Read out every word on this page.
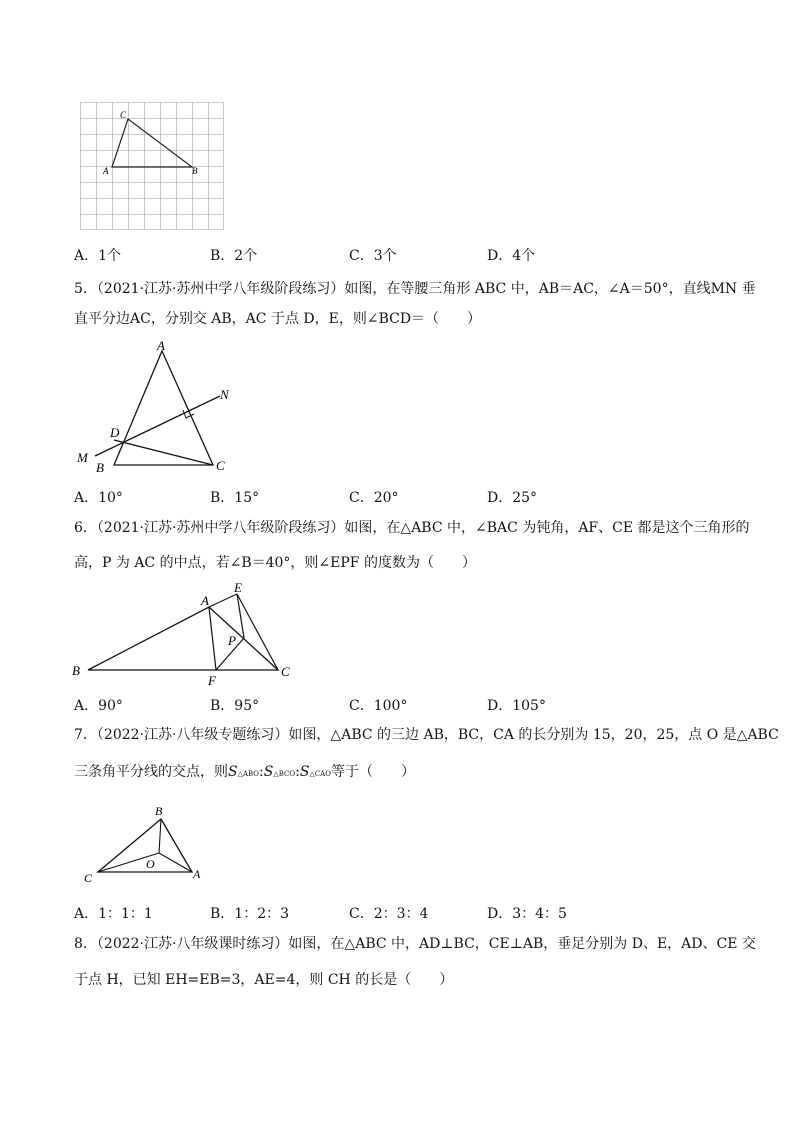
C
A	B
A．1个	B．2个	C．3个	D．4个
5．（2021·江苏·苏州中学八年级阶段练习）如图，在等腰三角形 ABC 中，AB＝AC，∠A＝50°，直线MN 垂
直平分边AC，分别交 AB，AC 于点 D，E，则∠BCD＝（　　）
A
N
D
M
B	C
A．10°	B．15°	C．20°	D．25°
6．（2021·江苏·苏州中学八年级阶段练习）如图，在△ABC 中，∠BAC 为钝角，AF、CE 都是这个三角形的
高，P 为 AC 的中点，若∠B＝40°，则∠EPF 的度数为（　　）
A
E
P
B
F
C
A．90°	B．95°	C．100°	D．105°
7．（2022·江苏·八年级专题练习）如图，△ABC 的三边 AB，BC，CA 的长分别为 15，20，25，点 O 是△ABC
三条角平分线的交点，则S△ABO:S△BCO:S△CAO等于（　　）
B
O
C	A
A．1：1：1	B．1：2：3	C．2：3：4	D．3：4：5
8．（2022·江苏·八年级课时练习）如图，在△ABC 中，AD⊥BC，CE⊥AB，垂足分别为 D、E，AD、CE 交
于点 H，已知 EH=EB=3，AE=4，则 CH 的长是（　　）
